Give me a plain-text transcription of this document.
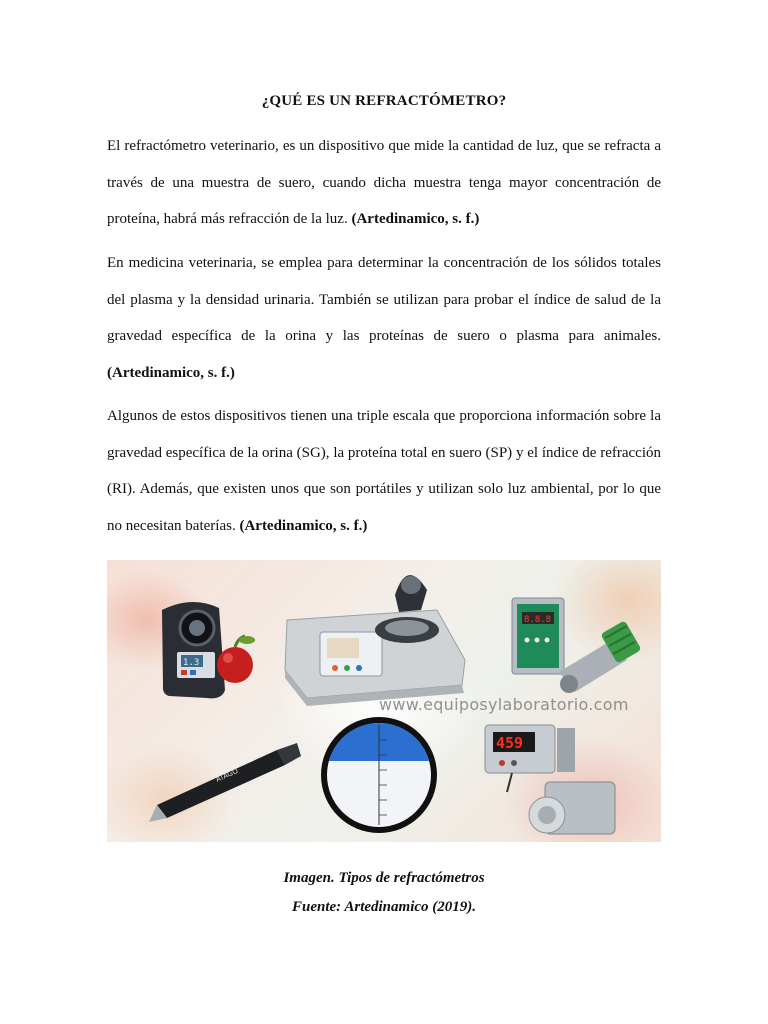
¿QUÉ ES UN REFRACTÓMETRO?

El refractómetro veterinario, es un dispositivo que mide la cantidad de luz, que se refracta a través de una muestra de suero, cuando dicha muestra tenga mayor concentración de proteína, habrá más refracción de la luz. (Artedinamico, s. f.)

En medicina veterinaria, se emplea para determinar la concentración de los sólidos totales del plasma y la densidad urinaria. También se utilizan para probar el índice de salud de la gravedad específica de la orina y las proteínas de suero o plasma para animales. (Artedinamico, s. f.)

Algunos de estos dispositivos tienen una triple escala que proporciona información sobre la gravedad específica de la orina (SG), la proteína total en suero (SP) y el índice de refracción (RI). Además, que existen unos que son portátiles y utilizan solo luz ambiental, por lo que no necesitan baterías. (Artedinamico, s. f.)

1.3
8.8.8
ATAGO
459
www.equiposylaboratorio.com
Imagen. Tipos de refractómetros
Fuente: Artedinamico (2019).
